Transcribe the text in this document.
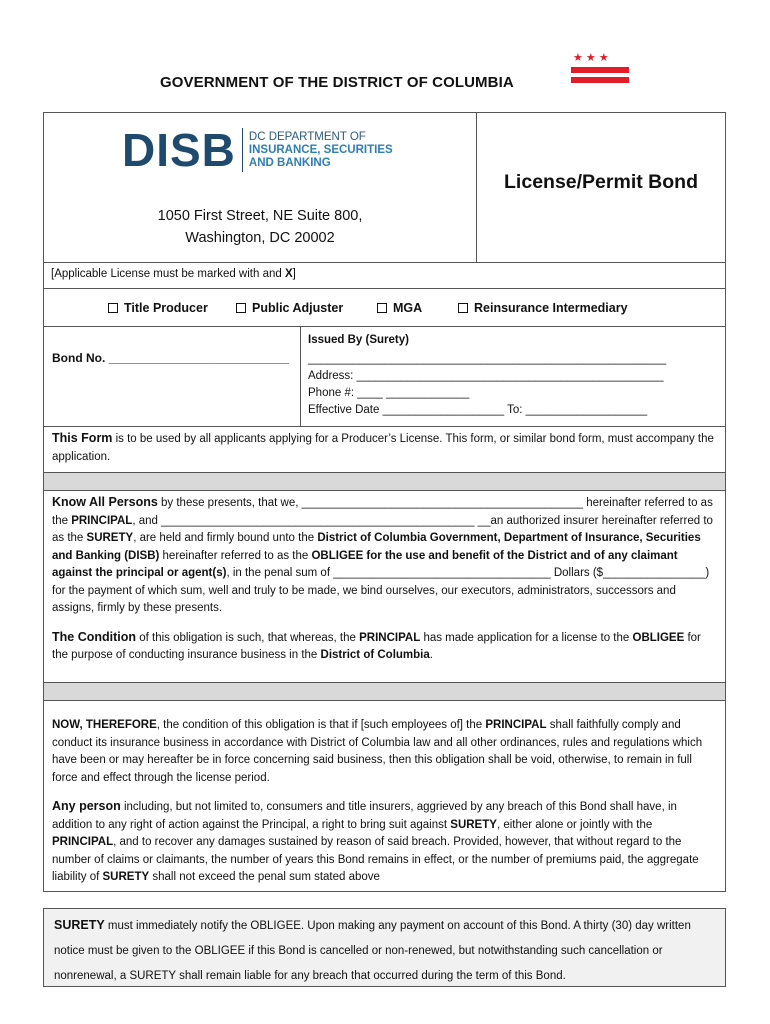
GOVERNMENT OF THE DISTRICT OF COLUMBIA
★ ★ ★
DISB DC DEPARTMENT OF
INSURANCE, SECURITIES
AND BANKING
1050 First Street, NE Suite 800,
Washington, DC 20002
License/Permit Bond
[Applicable License must be marked with and X]
Title Producer	Public Adjuster	MGA	Reinsurance Intermediary
Bond No. ___________________________
Issued By (Surety)
________________________________________________________
Address: ________________________________________________
Phone #: ____ _____________
Effective Date ___________________ To: ___________________

This Form is to be used by all applicants applying for a Producer’s License. This form, or similar bond form, must accompany the application.

Know All Persons by these presents, that we, ____________________________________________ hereinafter referred to as the PRINCIPAL, and _________________________________________________ __an authorized insurer hereinafter referred to as the SURETY, are held and firmly bound unto the District of Columbia Government, Department of Insurance, Securities and Banking (DISB) hereinafter referred to as the OBLIGEE for the use and benefit of the District and of any claimant against the principal or agent(s), in the penal sum of __________________________________ Dollars ($________________) for the payment of which sum, well and truly to be made, we bind ourselves, our executors, administrators, successors and assigns, firmly by these presents.

The Condition of this obligation is such, that whereas, the PRINCIPAL has made application for a license to the OBLIGEE for the purpose of conducting insurance business in the District of Columbia.

NOW, THEREFORE, the condition of this obligation is that if [such employees of] the PRINCIPAL shall faithfully comply and conduct its insurance business in accordance with District of Columbia law and all other ordinances, rules and regulations which have been or may hereafter be in force concerning said business, then this obligation shall be void, otherwise, to remain in full force and effect through the license period.

Any person including, but not limited to, consumers and title insurers, aggrieved by any breach of this Bond shall have, in addition to any right of action against the Principal, a right to bring suit against SURETY, either alone or jointly with the PRINCIPAL, and to recover any damages sustained by reason of said breach. Provided, however, that without regard to the number of claims or claimants, the number of years this Bond remains in effect, or the number of premiums paid, the aggregate liability of SURETY shall not exceed the penal sum stated above

SURETY must immediately notify the OBLIGEE. Upon making any payment on account of this Bond. A thirty (30) day written notice must be given to the OBLIGEE if this Bond is cancelled or non-renewed, but notwithstanding such cancellation or nonrenewal, a SURETY shall remain liable for any breach that occurred during the term of this Bond.
